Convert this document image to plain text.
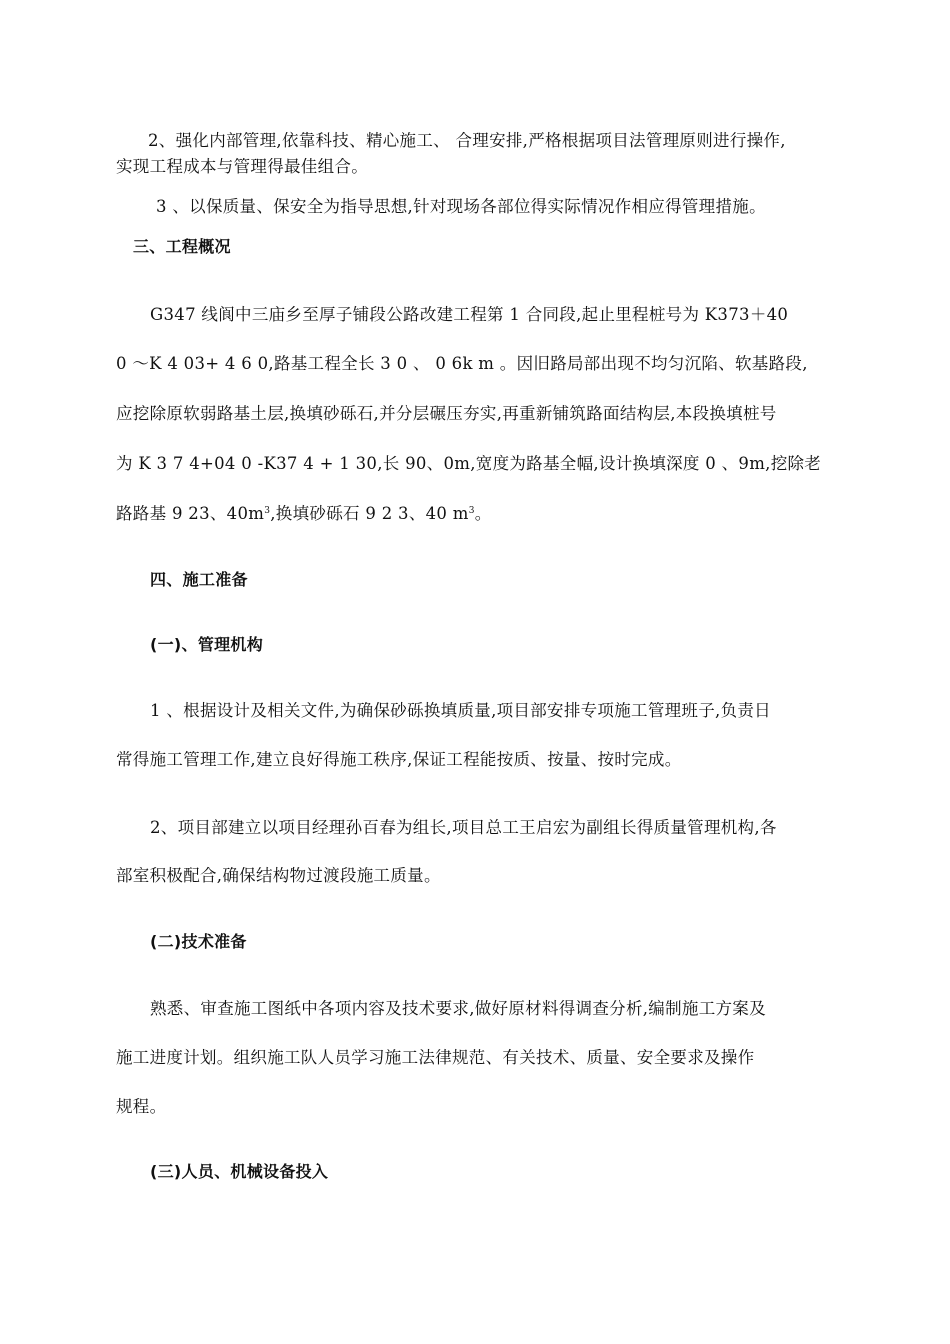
2、强化内部管理,依靠科技、精心施工、 合理安排,严格根据项目法管理原则进行操作,
实现工程成本与管理得最佳组合。
3 、以保质量、保安全为指导思想,针对现场各部位得实际情况作相应得管理措施。
三、工程概况
G347 线阆中三庙乡至厚子铺段公路改建工程第 1 合同段,起止里程桩号为 K373＋40
0 ～K 4 03+ 4 6 0,路基工程全长 3 0 、 0 6k m 。因旧路局部出现不均匀沉陷、软基路段,
应挖除原软弱路基土层,换填砂砾石,并分层碾压夯实,再重新铺筑路面结构层,本段换填桩号
为 K 3 7 4+04 0 -K37 4 + 1 30,长 90、0m,宽度为路基全幅,设计换填深度 0 、9m,挖除老
路路基 9 23、$40m^3$,换填砂砾石 9 2 3、40 $m^3$。
四、施工准备
(一)、管理机构
1 、根据设计及相关文件,为确保砂砾换填质量,项目部安排专项施工管理班子,负责日
常得施工管理工作,建立良好得施工秩序,保证工程能按质、按量、按时完成。
2、项目部建立以项目经理孙百春为组长,项目总工王启宏为副组长得质量管理机构,各
部室积极配合,确保结构物过渡段施工质量。
(二)技术准备
熟悉、审查施工图纸中各项内容及技术要求,做好原材料得调查分析,编制施工方案及
施工进度计划。组织施工队人员学习施工法律规范、有关技术、质量、安全要求及操作
规程。
(三)人员、机械设备投入
